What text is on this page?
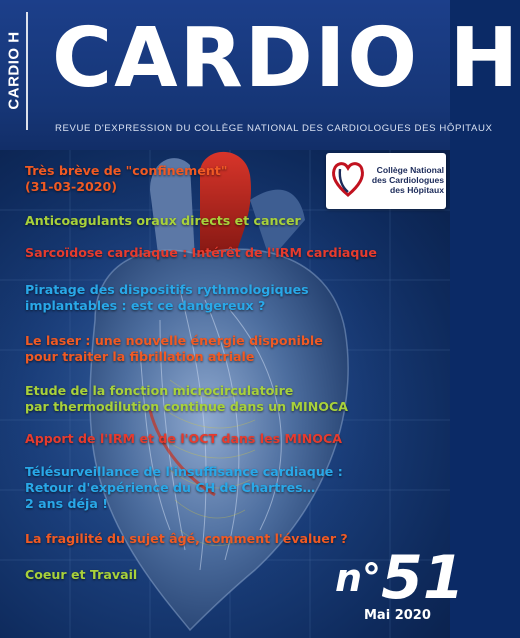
CARDIO H CARDIO H
REVUE D'EXPRESSION DU COLLÈGE NATIONAL DES CARDIOLOGUES DES HÔPITAUX
Collège National
des Cardiologues
des Hôpitaux
Très brève de "confinement"
(31-03-2020)
Anticoagulants oraux directs et cancer
Sarcoïdose cardiaque : Intérêt de l'IRM cardiaque
Piratage des dispositifs rythmologiques
implantables : est ce dangereux ?
Le laser : une nouvelle énergie disponible
pour traiter la fibrillation atriale
Etude de la fonction microcirculatoire
par thermodilution continue dans un MINOCA
Apport de l'IRM et de l'OCT dans les MINOCA
Télésurveillance de l'insuffisance cardiaque :
Retour d'expérience du CH de Chartres…
2 ans déja !
La fragilité du sujet âgé, comment l'évaluer ?
Coeur et Travail	n°51
Mai 2020
